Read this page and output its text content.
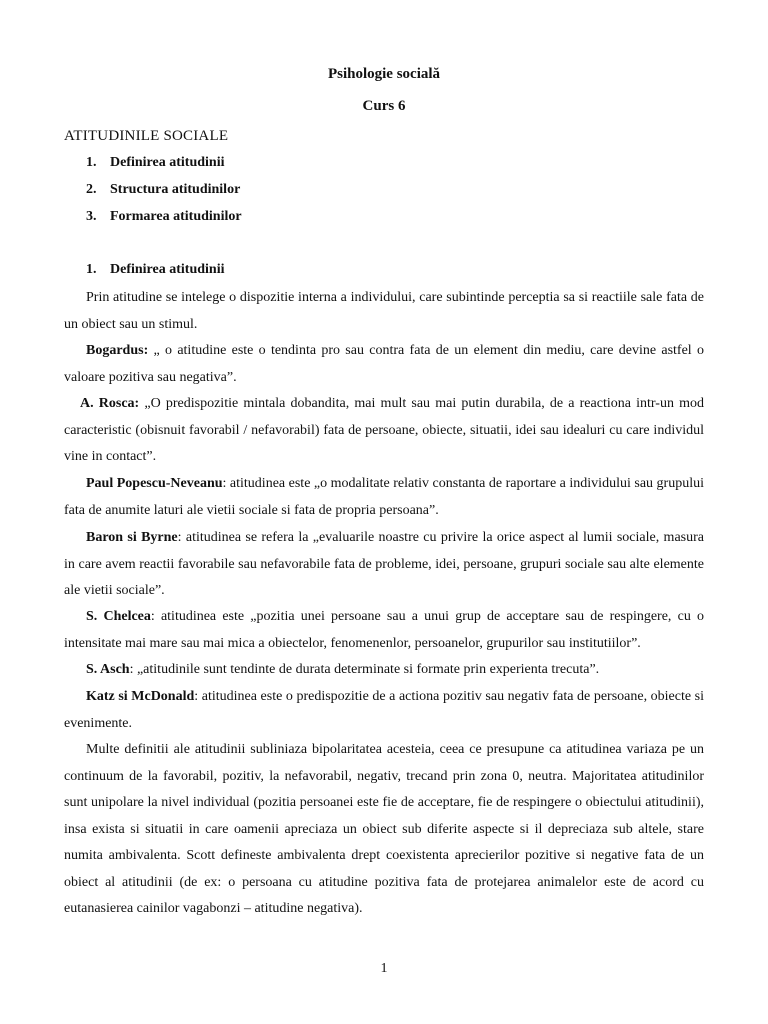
Psihologie socială
Curs 6
ATITUDINILE SOCIALE
1. Definirea atitudinii
2. Structura atitudinilor
3. Formarea atitudinilor
1. Definirea atitudinii
Prin atitudine se intelege o dispozitie interna a individului, care subintinde perceptia sa si reactiile sale fata de un obiect sau un stimul.
Bogardus: „ o atitudine este o tendinta pro sau contra fata de un element din mediu, care devine astfel o valoare pozitiva sau negativa”.
A. Rosca: „O predispozitie mintala dobandita, mai mult sau mai putin durabila, de a reactiona intr-un mod caracteristic (obisnuit favorabil / nefavorabil) fata de persoane, obiecte, situatii, idei sau idealuri cu care individul vine in contact”.
Paul Popescu-Neveanu: atitudinea este „o modalitate relativ constanta de raportare a individului sau grupului fata de anumite laturi ale vietii sociale si fata de propria persoana”.
Baron si Byrne: atitudinea se refera la „evaluarile noastre cu privire la orice aspect al lumii sociale, masura in care avem reactii favorabile sau nefavorabile fata de probleme, idei, persoane, grupuri sociale sau alte elemente ale vietii sociale”.
S. Chelcea: atitudinea este „pozitia unei persoane sau a unui grup de acceptare sau de respingere, cu o intensitate mai mare sau mai mica a obiectelor, fenomenenlor, persoanelor, grupurilor sau institutiilor”.
S. Asch: „atitudinile sunt tendinte de durata determinate si formate prin experienta trecuta”.
Katz si McDonald: atitudinea este o predispozitie de a actiona pozitiv sau negativ fata de persoane, obiecte si evenimente.
Multe definitii ale atitudinii subliniaza bipolaritatea acesteia, ceea ce presupune ca atitudinea variaza pe un continuum de la favorabil, pozitiv, la nefavorabil, negativ, trecand prin zona 0, neutra. Majoritatea atitudinilor sunt unipolare la nivel individual (pozitia persoanei este fie de acceptare, fie de respingere o obiectului atitudinii), insa exista si situatii in care oamenii apreciaza un obiect sub diferite aspecte si il depreciaza sub altele, stare numita ambivalenta. Scott defineste ambivalenta drept coexistenta aprecierilor pozitive si negative fata de un obiect al atitudinii (de ex: o persoana cu atitudine pozitiva fata de protejarea animalelor este de acord cu eutanasierea cainilor vagabonzi – atitudine negativa).
1
